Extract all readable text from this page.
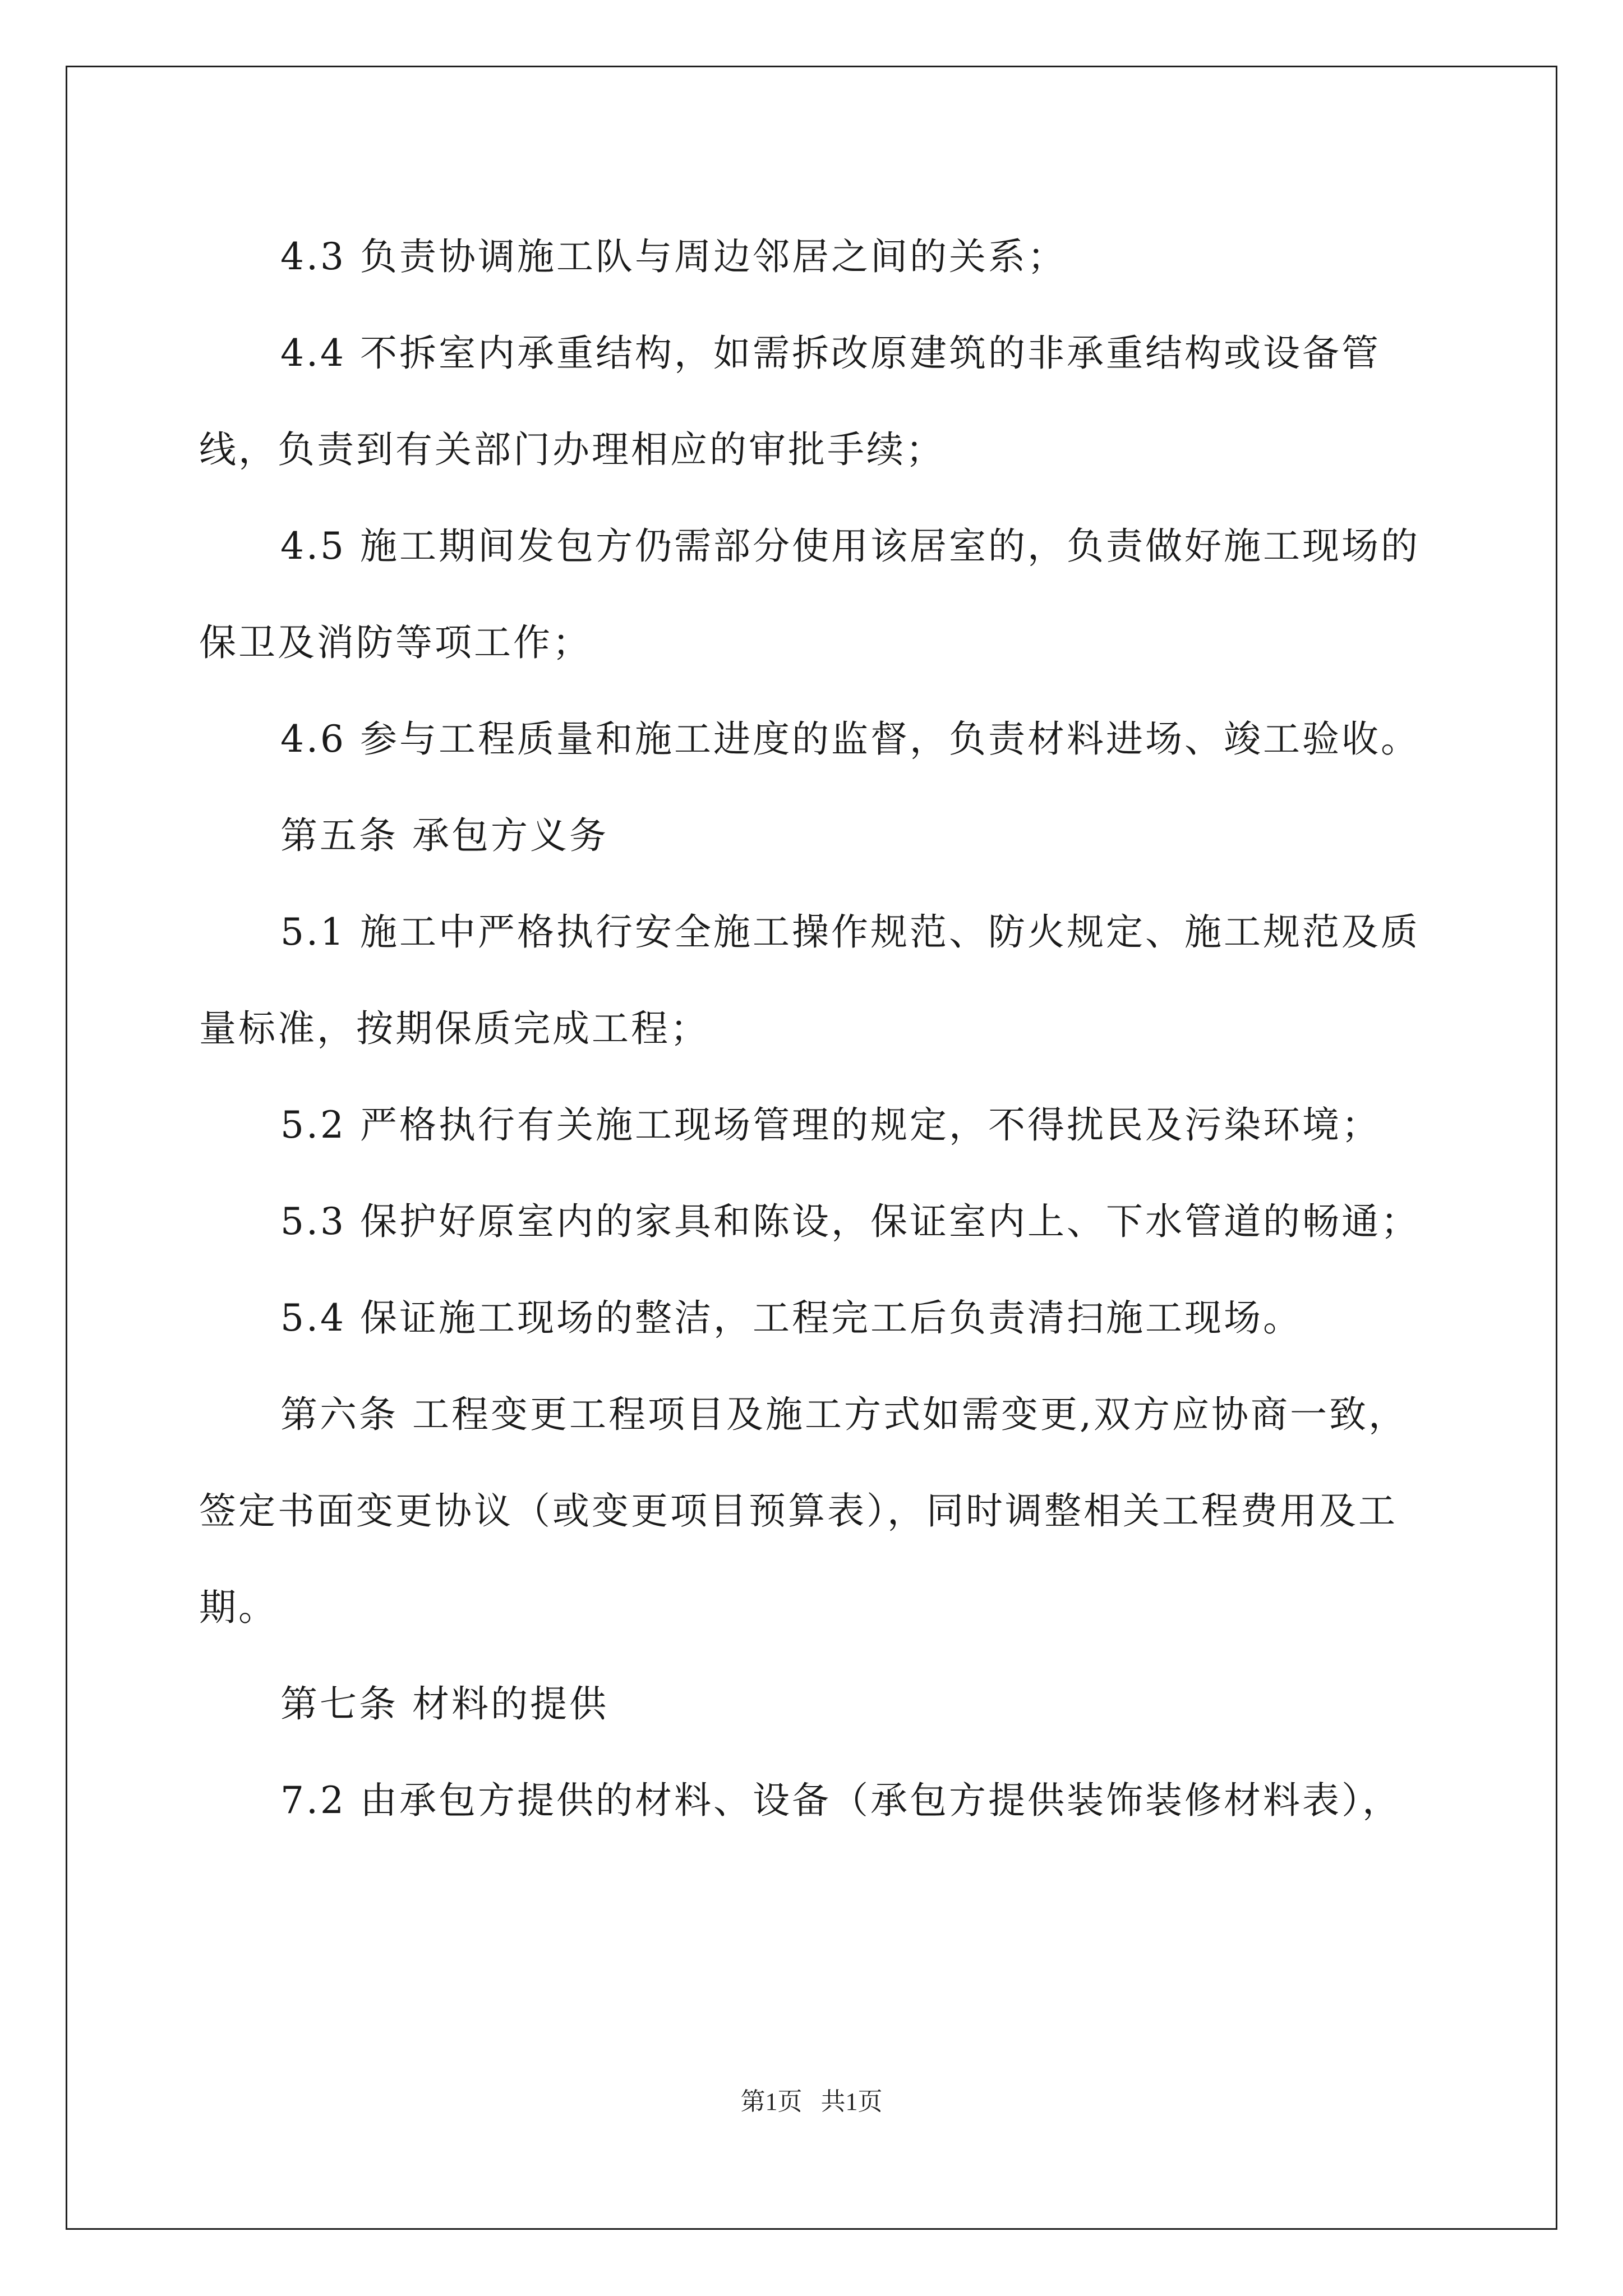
4.3 负责协调施工队与周边邻居之间的关系；

4.4 不拆室内承重结构，如需拆改原建筑的非承重结构或设备管线，负责到有关部门办理相应的审批手续；

4.5 施工期间发包方仍需部分使用该居室的，负责做好施工现场的保卫及消防等项工作；

4.6 参与工程质量和施工进度的监督，负责材料进场、竣工验收。

第五条 承包方义务

5.1 施工中严格执行安全施工操作规范、防火规定、施工规范及质量标准，按期保质完成工程；

5.2 严格执行有关施工现场管理的规定，不得扰民及污染环境；

5.3 保护好原室内的家具和陈设，保证室内上、下水管道的畅通；

5.4 保证施工现场的整洁，工程完工后负责清扫施工现场。

第六条 工程变更工程项目及施工方式如需变更,双方应协商一致，签定书面变更协议（或变更项目预算表），同时调整相关工程费用及工期。

第七条 材料的提供

7.2 由承包方提供的材料、设备（承包方提供装饰装修材料表），

第1页   共1页
